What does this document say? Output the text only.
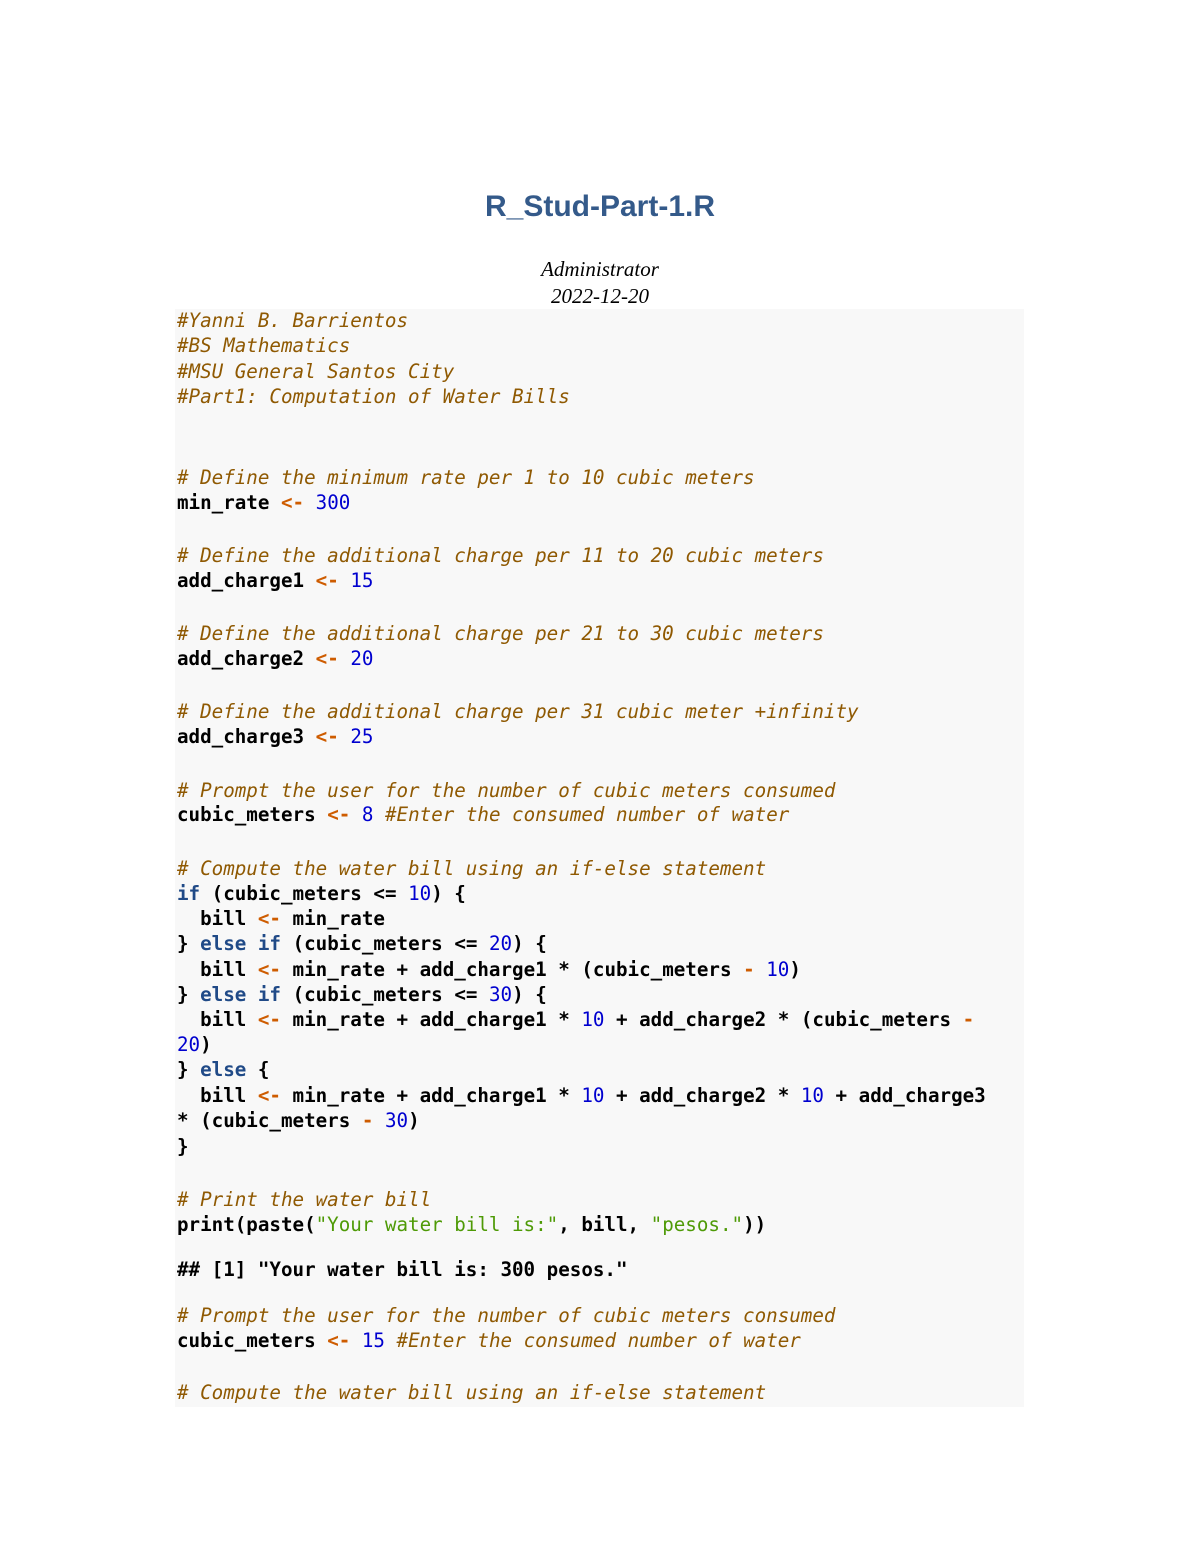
R_Stud-Part-1.R
Administrator
2022-12-20
#Yanni B. Barrientos
#BS Mathematics
#MSU General Santos City
#Part1: Computation of Water Bills
# Define the minimum rate per 1 to 10 cubic meters
min_rate <- 300
# Define the additional charge per 11 to 20 cubic meters
add_charge1 <- 15
# Define the additional charge per 21 to 30 cubic meters
add_charge2 <- 20
# Define the additional charge per 31 cubic meter +infinity
add_charge3 <- 25
# Prompt the user for the number of cubic meters consumed
cubic_meters <- 8 #Enter the consumed number of water
# Compute the water bill using an if-else statement
if (cubic_meters <= 10) {
bill <- min_rate
} else if (cubic_meters <= 20) {
bill <- min_rate + add_charge1 * (cubic_meters - 10)
} else if (cubic_meters <= 30) {
bill <- min_rate + add_charge1 * 10 + add_charge2 * (cubic_meters -
20)
} else {
bill <- min_rate + add_charge1 * 10 + add_charge2 * 10 + add_charge3
* (cubic_meters - 30)
}
# Print the water bill
print(paste("Your water bill is:", bill, "pesos."))
## [1] "Your water bill is: 300 pesos."
# Prompt the user for the number of cubic meters consumed
cubic_meters <- 15 #Enter the consumed number of water
# Compute the water bill using an if-else statement
